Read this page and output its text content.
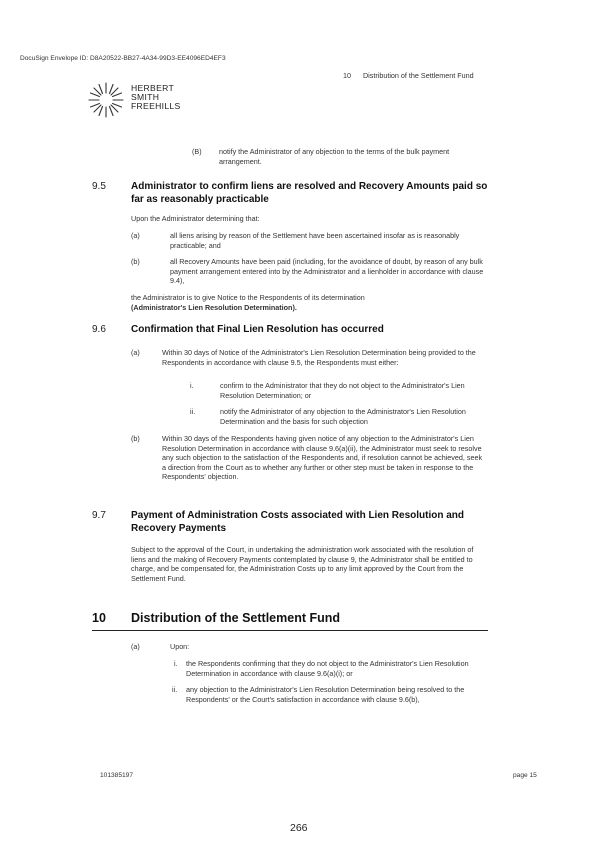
DocuSign Envelope ID: D8A20522-BB27-4A34-99D3-EE4096ED4EF3
10      Distribution of the Settlement Fund
HERBERT
SMITH
FREEHILLS
(B) notify the Administrator of any objection to the terms of the bulk payment arrangement.
9.5	Administrator to confirm liens are resolved and Recovery Amounts paid so far as reasonably practicable
Upon the Administrator determining that:
(a)	all liens arising by reason of the Settlement have been ascertained insofar as is reasonably practicable; and
(b)	all Recovery Amounts have been paid (including, for the avoidance of doubt, by reason of any bulk payment arrangement entered into by the Administrator and a lienholder in accordance with clause 9.4),
the Administrator is to give Notice to the Respondents of its determination
(Administrator's Lien Resolution Determination).
9.6	Confirmation that Final Lien Resolution has occurred
(a)	Within 30 days of Notice of the Administrator's Lien Resolution Determination being provided to the Respondents in accordance with clause 9.5, the Respondents must either:
i.	confirm to the Administrator that they do not object to the Administrator's Lien Resolution Determination; or
ii.	notify the Administrator of any objection to the Administrator's Lien Resolution Determination and the basis for such objection
(b)	Within 30 days of the Respondents having given notice of any objection to the Administrator's Lien Resolution Determination in accordance with clause 9.6(a)(ii), the Administrator must seek to resolve any such objection to the satisfaction of the Respondents and, if resolution cannot be achieved, seek a direction from the Court as to whether any further or other step must be taken in response to the Respondents' objection.
9.7	Payment of Administration Costs associated with Lien Resolution and Recovery Payments
Subject to the approval of the Court, in undertaking the administration work associated with the resolution of liens and the making of Recovery Payments contemplated by clause 9, the Administrator shall be entitled to charge, and be compensated for, the Administration Costs up to any limit approved by the Court from the Settlement Fund.
10 Distribution of the Settlement Fund
(a)	Upon:
i. the Respondents confirming that they do not object to the Administrator's Lien Resolution Determination in accordance with clause 9.6(a)(i); or
ii. any objection to the Administrator's Lien Resolution Determination being resolved to the Respondents' or the Court's satisfaction in accordance with clause 9.6(b),
101385197	page 15
266
